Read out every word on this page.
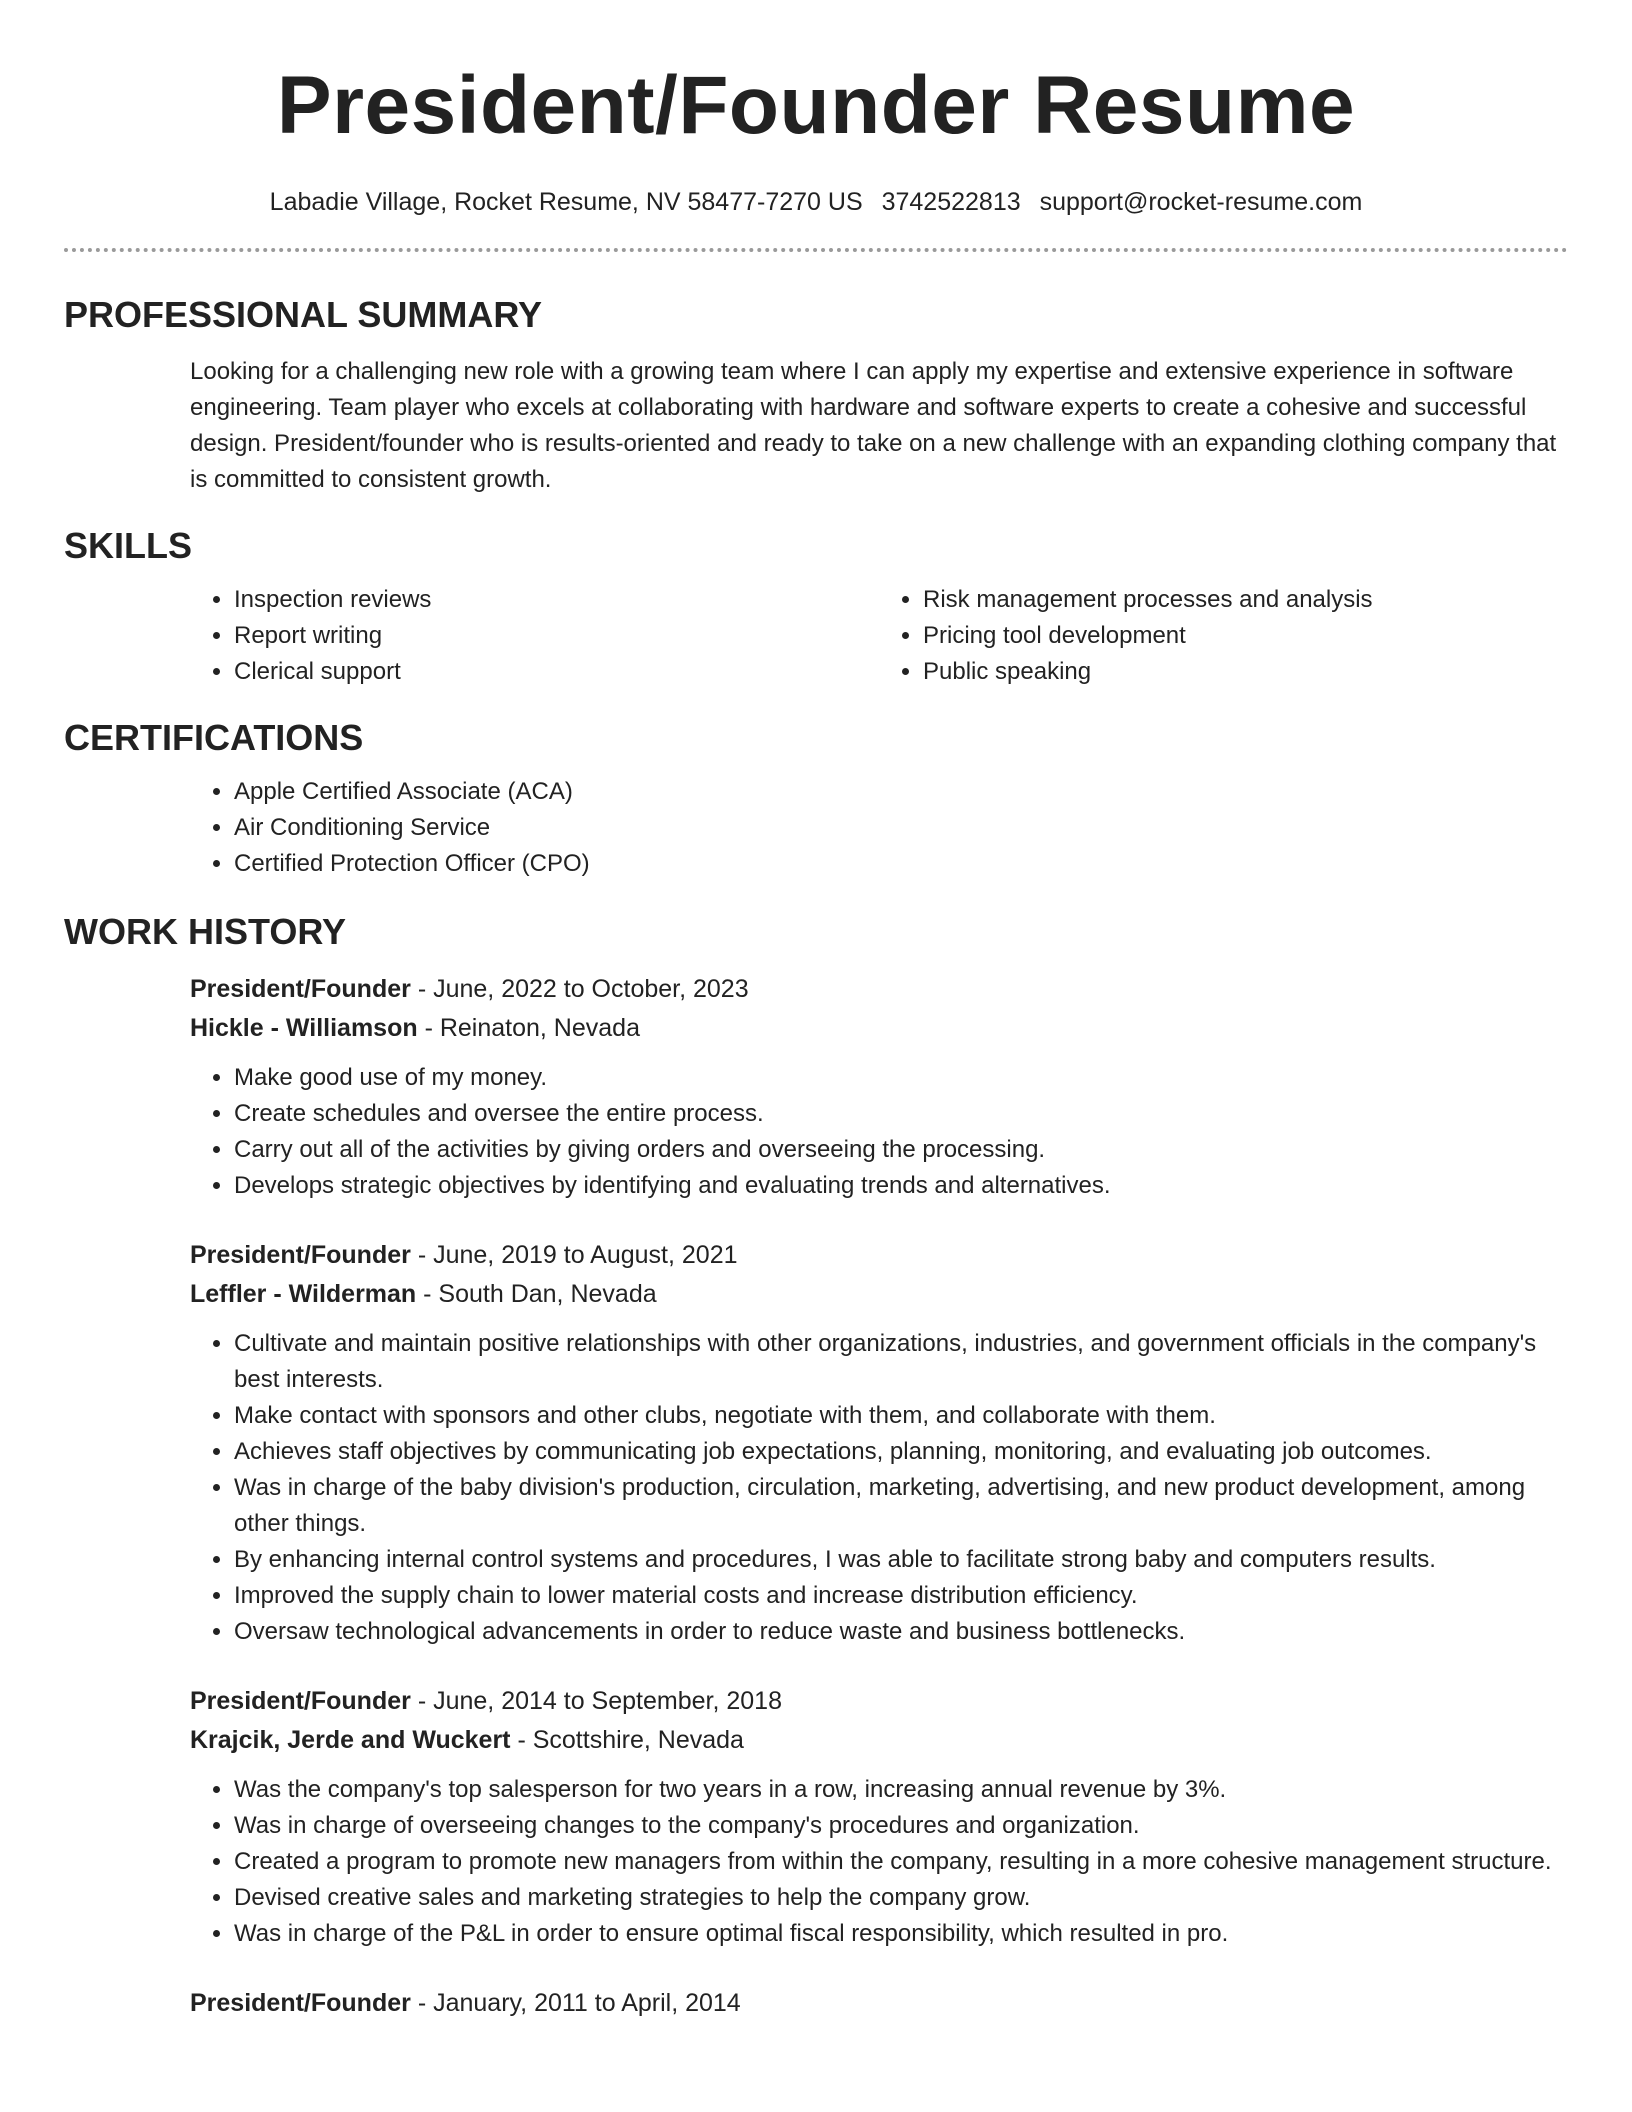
President/Founder Resume
Labadie Village, Rocket Resume, NV 58477-7270 US 3742522813 support@rocket-resume.com
PROFESSIONAL SUMMARY
Looking for a challenging new role with a growing team where I can apply my expertise and extensive experience in software engineering. Team player who excels at collaborating with hardware and software experts to create a cohesive and successful design. President/founder who is results-oriented and ready to take on a new challenge with an expanding clothing company that is committed to consistent growth.
SKILLS
• Inspection reviews
• Report writing
• Clerical support
• Risk management processes and analysis
• Pricing tool development
• Public speaking
CERTIFICATIONS
• Apple Certified Associate (ACA)
• Air Conditioning Service
• Certified Protection Officer (CPO)
WORK HISTORY
President/Founder - June, 2022 to October, 2023
Hickle - Williamson - Reinaton, Nevada
• Make good use of my money.
• Create schedules and oversee the entire process.
• Carry out all of the activities by giving orders and overseeing the processing.
• Develops strategic objectives by identifying and evaluating trends and alternatives.
President/Founder - June, 2019 to August, 2021
Leffler - Wilderman - South Dan, Nevada
• Cultivate and maintain positive relationships with other organizations, industries, and government officials in the company's best interests.
• Make contact with sponsors and other clubs, negotiate with them, and collaborate with them.
• Achieves staff objectives by communicating job expectations, planning, monitoring, and evaluating job outcomes.
• Was in charge of the baby division's production, circulation, marketing, advertising, and new product development, among other things.
• By enhancing internal control systems and procedures, I was able to facilitate strong baby and computers results.
• Improved the supply chain to lower material costs and increase distribution efficiency.
• Oversaw technological advancements in order to reduce waste and business bottlenecks.
President/Founder - June, 2014 to September, 2018
Krajcik, Jerde and Wuckert - Scottshire, Nevada
• Was the company's top salesperson for two years in a row, increasing annual revenue by 3%.
• Was in charge of overseeing changes to the company's procedures and organization.
• Created a program to promote new managers from within the company, resulting in a more cohesive management structure.
• Devised creative sales and marketing strategies to help the company grow.
• Was in charge of the P&L in order to ensure optimal fiscal responsibility, which resulted in pro.
President/Founder - January, 2011 to April, 2014
